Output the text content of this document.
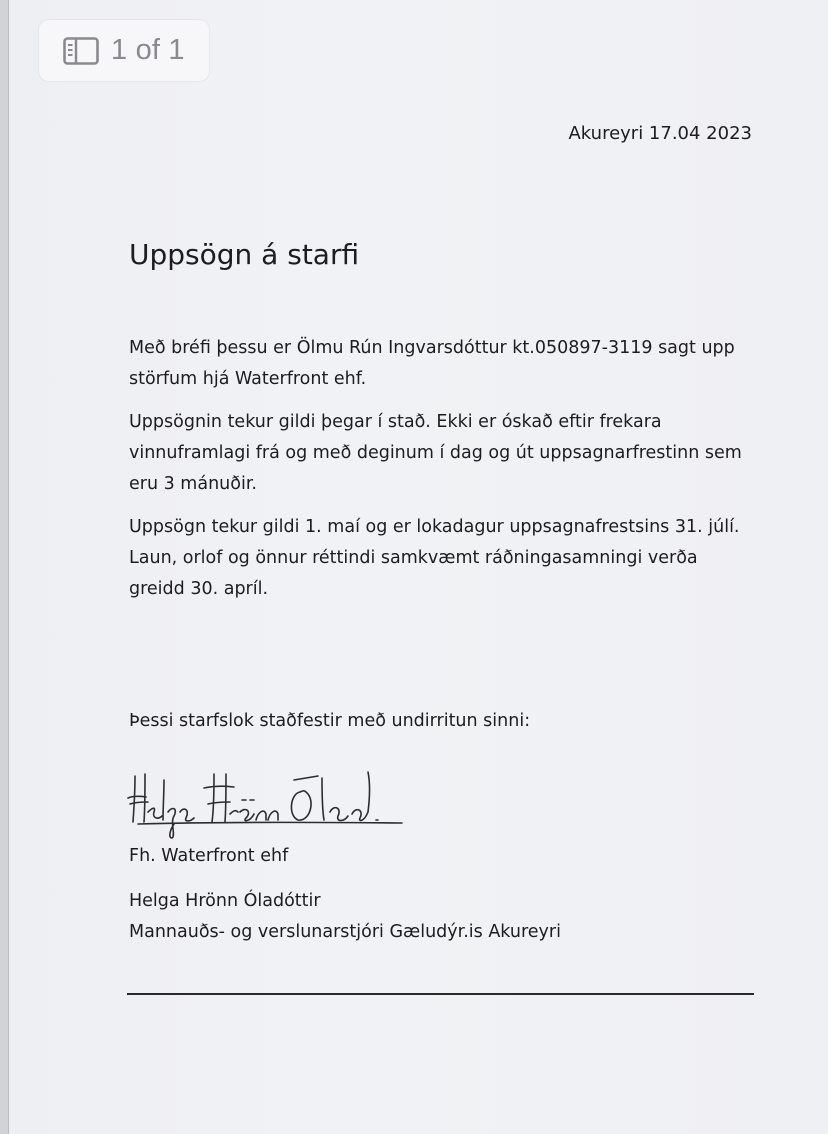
1 of 1
Akureyri 17.04 2023
Uppsögn á starfi

Með bréfi þessu er Ölmu Rún Ingvarsdóttur kt.050897-3119 sagt upp
störfum hjá Waterfront ehf.

Uppsögnin tekur gildi þegar í stað. Ekki er óskað eftir frekara
vinnuframlagi frá og með deginum í dag og út uppsagnarfrestinn sem
eru 3 mánuðir.

Uppsögn tekur gildi 1. maí og er lokadagur uppsagnafrestsins 31. júlí.
Laun, orlof og önnur réttindi samkvæmt ráðningasamningi verða
greidd 30. apríl.

Þessi starfslok staðfestir með undirritun sinni:

Fh. Waterfront ehf

Helga Hrönn Óladóttir

Mannauðs- og verslunarstjóri Gæludýr.is Akureyri
